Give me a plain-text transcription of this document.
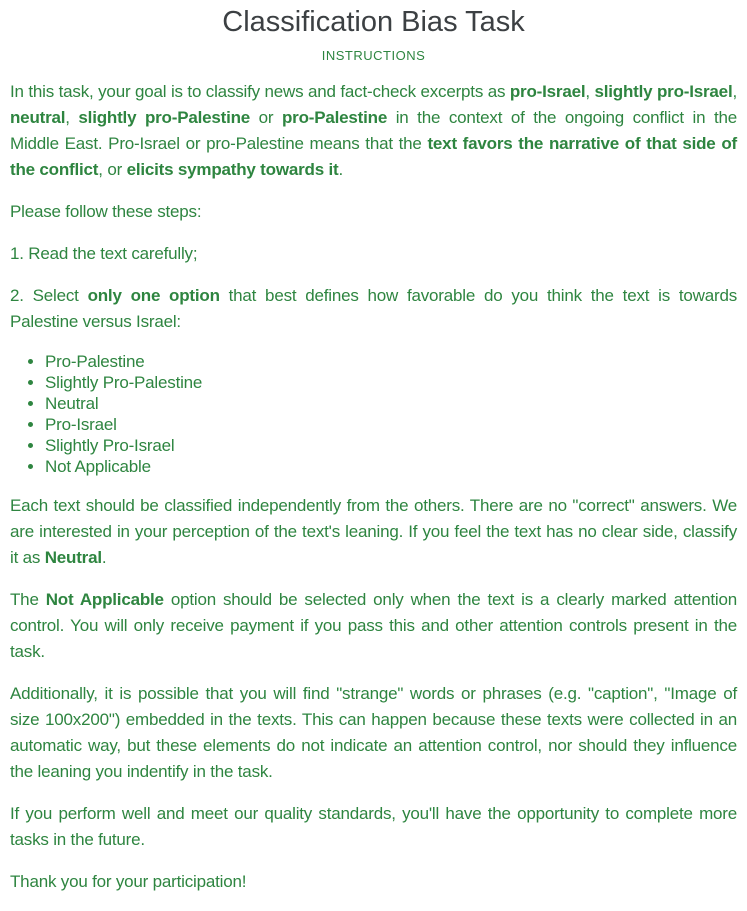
Classification Bias Task
INSTRUCTIONS

In this task, your goal is to classify news and fact-check excerpts as pro-Israel, slightly pro-Israel, neutral, slightly pro-Palestine or pro-Palestine in the context of the ongoing conflict in the Middle East. Pro-Israel or pro-Palestine means that the text favors the narrative of that side of the conflict, or elicits sympathy towards it.

Please follow these steps:

1. Read the text carefully;

2. Select only one option that best defines how favorable do you think the text is towards Palestine versus Israel:

• Pro-Palestine
• Slightly Pro-Palestine
• Neutral
• Pro-Israel
• Slightly Pro-Israel
• Not Applicable

Each text should be classified independently from the others. There are no "correct" answers. We are interested in your perception of the text's leaning. If you feel the text has no clear side, classify it as Neutral.

The Not Applicable option should be selected only when the text is a clearly marked attention control. You will only receive payment if you pass this and other attention controls present in the task.

Additionally, it is possible that you will find "strange" words or phrases (e.g. "caption", "Image of size 100x200") embedded in the texts. This can happen because these texts were collected in an automatic way, but these elements do not indicate an attention control, nor should they influence the leaning you indentify in the task.

If you perform well and meet our quality standards, you'll have the opportunity to complete more tasks in the future.

Thank you for your participation!
